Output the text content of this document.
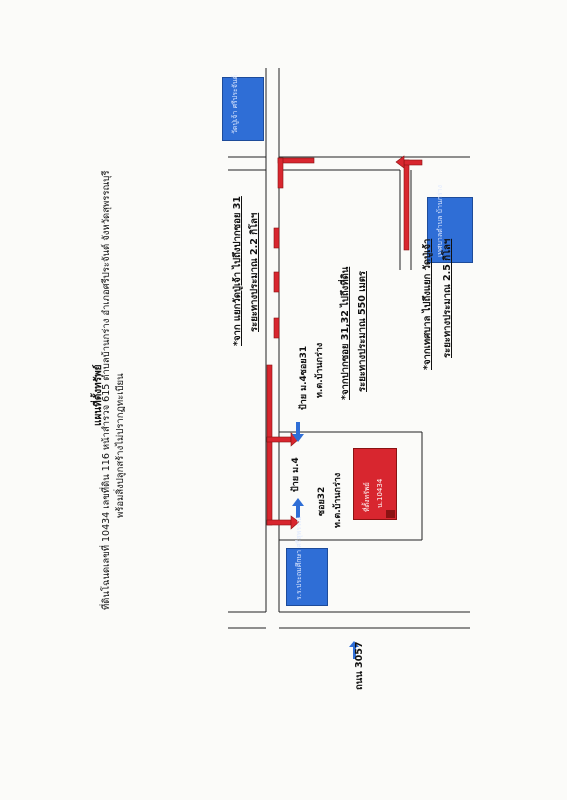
แผนที่ตั้งทรัพย์
ที่ดินโฉนดเลขที่ 10434 เลขที่ดิน 116 หน้าสำรวจ 615 ตำบลบ้านกร่าง อำเภอศรีประจันต์ จังหวัดสุพรรณบุรี พร้อมสิ่งปลูกสร้างไม่ปรากฏทะเบียน
วัดปู่เจ้า ศรีประจันต์
เทศบาลตำบล บ้านกร่าง
ร.ร.ประถมศึกษา ศรีสุพรรณ์
ที่ตั้งทรัพย์ น.10434
ป้าย ม.4ซอย31 ท.ต.บ้านกร่าง
ป้าย ม.4
ซอย32 ท.ต.บ้านกร่าง
*จาก แยกวัดปู่เจ้า ไปถึงปากซอย 31 ระยะทางประมาณ 2.2 กิโลฯ	*จากปากซอย 31,32 ไปถึงที่ดิน ระยะทางประมาณ 550 เมตร	*จากเทศบาล ไปถึงแยก วัดปู่เจ้า ระยะทางประมาณ 2.5 กิโลฯ
ถนน 3057
